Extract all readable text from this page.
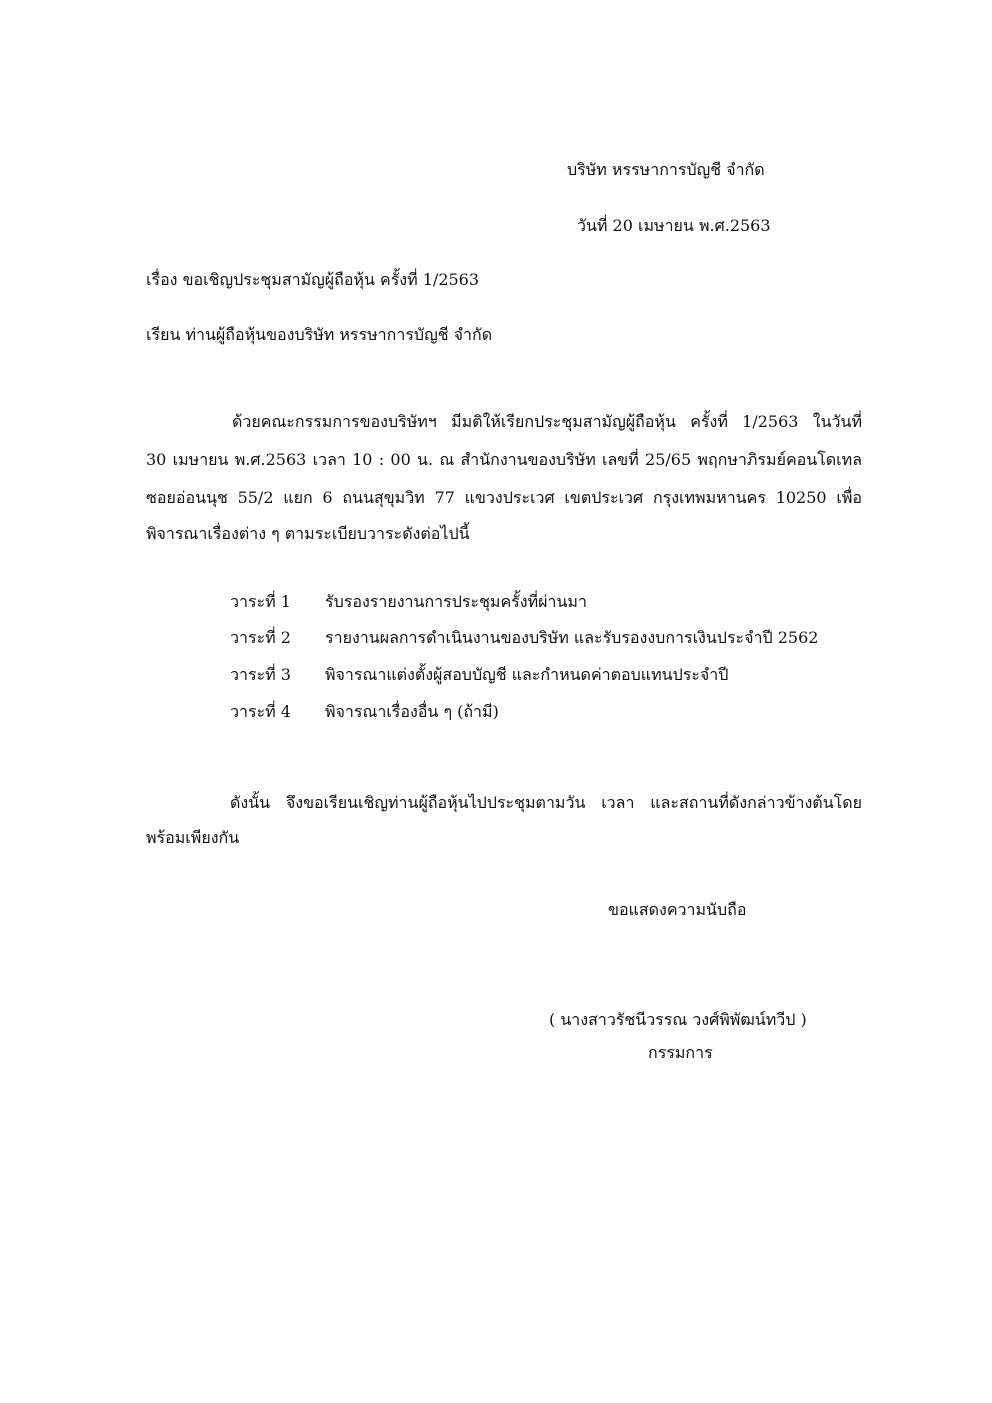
บริษัท หรรษาการบัญชี จำกัด
วันที่ 20 เมษายน พ.ศ.2563
เรื่อง ขอเชิญประชุมสามัญผู้ถือหุ้น ครั้งที่ 1/2563
เรียน ท่านผู้ถือหุ้นของบริษัท หรรษาการบัญชี จำกัด
ด้วยคณะกรรมการของบริษัทฯ มีมติให้เรียกประชุมสามัญผู้ถือหุ้น ครั้งที่ 1/2563 ในวันที่
30 เมษายน พ.ศ.2563 เวลา 10 : 00 น. ณ สำนักงานของบริษัท เลขที่ 25/65 พฤกษาภิรมย์คอนโดเทล
ซอยอ่อนนุช 55/2 แยก 6 ถนนสุขุมวิท 77 แขวงประเวศ เขตประเวศ กรุงเทพมหานคร 10250 เพื่อ
พิจารณาเรื่องต่าง ๆ ตามระเบียบวาระดังต่อไปนี้
วาระที่ 1	รับรองรายงานการประชุมครั้งที่ผ่านมา
วาระที่ 2	รายงานผลการดำเนินงานของบริษัท และรับรองงบการเงินประจำปี 2562
วาระที่ 3	พิจารณาแต่งตั้งผู้สอบบัญชี และกำหนดค่าตอบแทนประจำปี
วาระที่ 4	พิจารณาเรื่องอื่น ๆ (ถ้ามี)
ดังนั้น จึงขอเรียนเชิญท่านผู้ถือหุ้นไปประชุมตามวัน เวลา และสถานที่ดังกล่าวข้างต้นโดย
พร้อมเพียงกัน
ขอแสดงความนับถือ
( นางสาวรัชนีวรรณ วงศ์พิพัฒน์ทวีป )
กรรมการ
